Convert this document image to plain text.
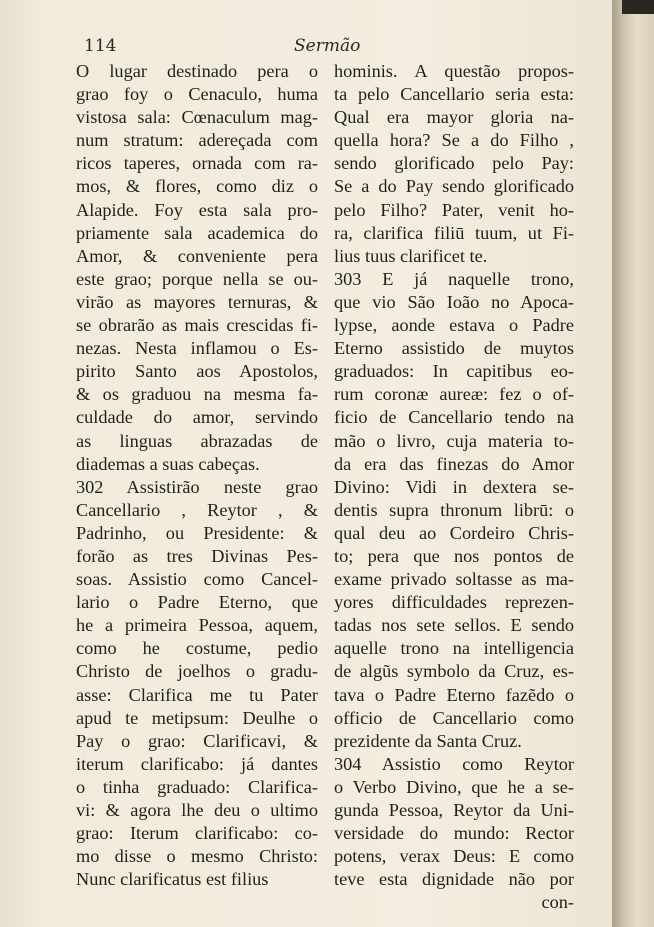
114	Sermão
O lugar destinado pera o
grao foy o Cenaculo, huma
vistosa sala: Cœnaculum mag-
num stratum: adereçada com
ricos taperes, ornada com ra-
mos, & flores, como diz o
Alapide. Foy esta sala pro-
priamente sala academica do
Amor, & conveniente pera
este grao; porque nella se ou-
virão as mayores ternuras, &
se obrarão as mais crescidas fi-
nezas. Nesta inflamou o Es-
pirito Santo aos Apostolos,
& os graduou na mesma fa-
culdade do amor, servindo
as linguas abrazadas de
diademas a suas cabeças.
302 Assistirão neste grao
Cancellario , Reytor , &
Padrinho, ou Presidente: &
forão as tres Divinas Pes-
soas. Assistio como Cancel-
lario o Padre Eterno, que
he a primeira Pessoa, aquem,
como he costume, pedio
Christo de joelhos o gradu-
asse: Clarifica me tu Pater
apud te metipsum: Deulhe o
Pay o grao: Clarificavi, &
iterum clarificabo: já dantes
o tinha graduado: Clarifica-
vi: & agora lhe deu o ultimo
grao: Iterum clarificabo: co-
mo disse o mesmo Christo:
Nunc clarificatus est filius
hominis. A questão propos-
ta pelo Cancellario seria esta:
Qual era mayor gloria na-
quella hora? Se a do Filho ,
sendo glorificado pelo Pay:
Se a do Pay sendo glorificado
pelo Filho? Pater, venit ho-
ra, clarifica filiū tuum, ut Fi-
lius tuus clarificet te.
303 E já naquelle trono,
que vio São Ioão no Apoca-
lypse, aonde estava o Padre
Eterno assistido de muytos
graduados: In capitibus eo-
rum coronæ aureæ: fez o of-
ficio de Cancellario tendo na
mão o livro, cuja materia to-
da era das finezas do Amor
Divino: Vidi in dextera se-
dentis supra thronum librū: o
qual deu ao Cordeiro Chris-
to; pera que nos pontos de
exame privado soltasse as ma-
yores difficuldades reprezen-
tadas nos sete sellos. E sendo
aquelle trono na intelligencia
de algũs symbolo da Cruz, es-
tava o Padre Eterno fazẽdo o
officio de Cancellario como
prezidente da Santa Cruz.
304 Assistio como Reytor
o Verbo Divino, que he a se-
gunda Pessoa, Reytor da Uni-
versidade do mundo: Rector
potens, verax Deus: E como
teve esta dignidade não por
con-
